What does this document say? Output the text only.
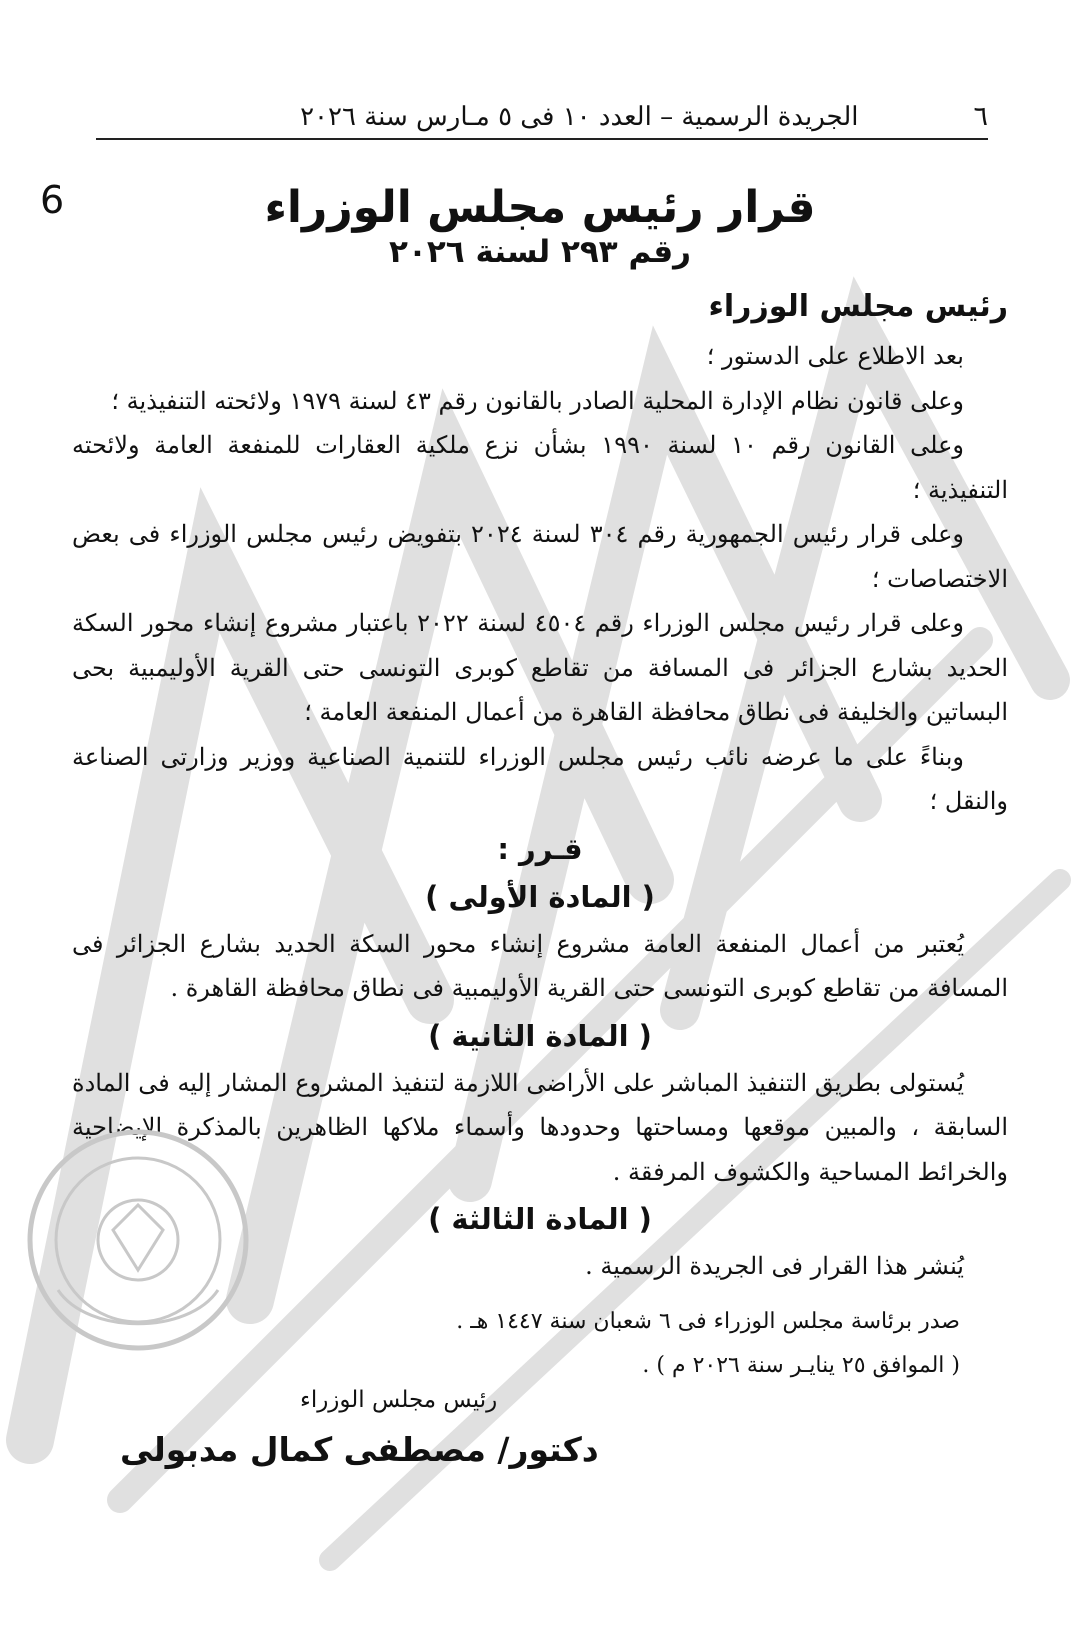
٦
الجريدة الرسمية – العدد ١٠ فى ٥ مـارس سنة ٢٠٢٦
6	قرار رئيس مجلس الوزراء
رقم ٢٩٣ لسنة ٢٠٢٦
رئيس مجلس الوزراء

بعد الاطلاع على الدستور ؛

وعلى قانون نظام الإدارة المحلية الصادر بالقانون رقم ٤٣ لسنة ١٩٧٩ ولائحته التنفيذية ؛

وعلى القانون رقم ١٠ لسنة ١٩٩٠ بشأن نزع ملكية العقارات للمنفعة العامة ولائحته التنفيذية ؛

وعلى قرار رئيس الجمهورية رقم ٣٠٤ لسنة ٢٠٢٤ بتفويض رئيس مجلس الوزراء فى بعض الاختصاصات ؛

وعلى قرار رئيس مجلس الوزراء رقم ٤٥٠٤ لسنة ٢٠٢٢ باعتبار مشروع إنشاء محور السكة الحديد بشارع الجزائر فى المسافة من تقاطع كوبرى التونسى حتى القرية الأوليمبية بحى البساتين والخليفة فى نطاق محافظة القاهرة من أعمال المنفعة العامة ؛

وبناءً على ما عرضه نائب رئيس مجلس الوزراء للتنمية الصناعية ووزير وزارتى الصناعة والنقل ؛

قـرر :
( المادة الأولى )

يُعتبر من أعمال المنفعة العامة مشروع إنشاء محور السكة الحديد بشارع الجزائر فى المسافة من تقاطع كوبرى التونسى حتى القرية الأوليمبية فى نطاق محافظة القاهرة .

( المادة الثانية )

يُستولى بطريق التنفيذ المباشر على الأراضى اللازمة لتنفيذ المشروع المشار إليه فى المادة السابقة ، والمبين موقعها ومساحتها وحدودها وأسماء ملاكها الظاهرين بالمذكرة الإيضاحية والخرائط المساحية والكشوف المرفقة .

( المادة الثالثة )

يُنشر هذا القرار فى الجريدة الرسمية .

صدر برئاسة مجلس الوزراء فى ٦ شعبان سنة ١٤٤٧ هـ .
( الموافق ٢٥ ينايـر سنة ٢٠٢٦ م ) .
رئيس مجلس الوزراء
دكتور/ مصطفى كمال مدبولى
